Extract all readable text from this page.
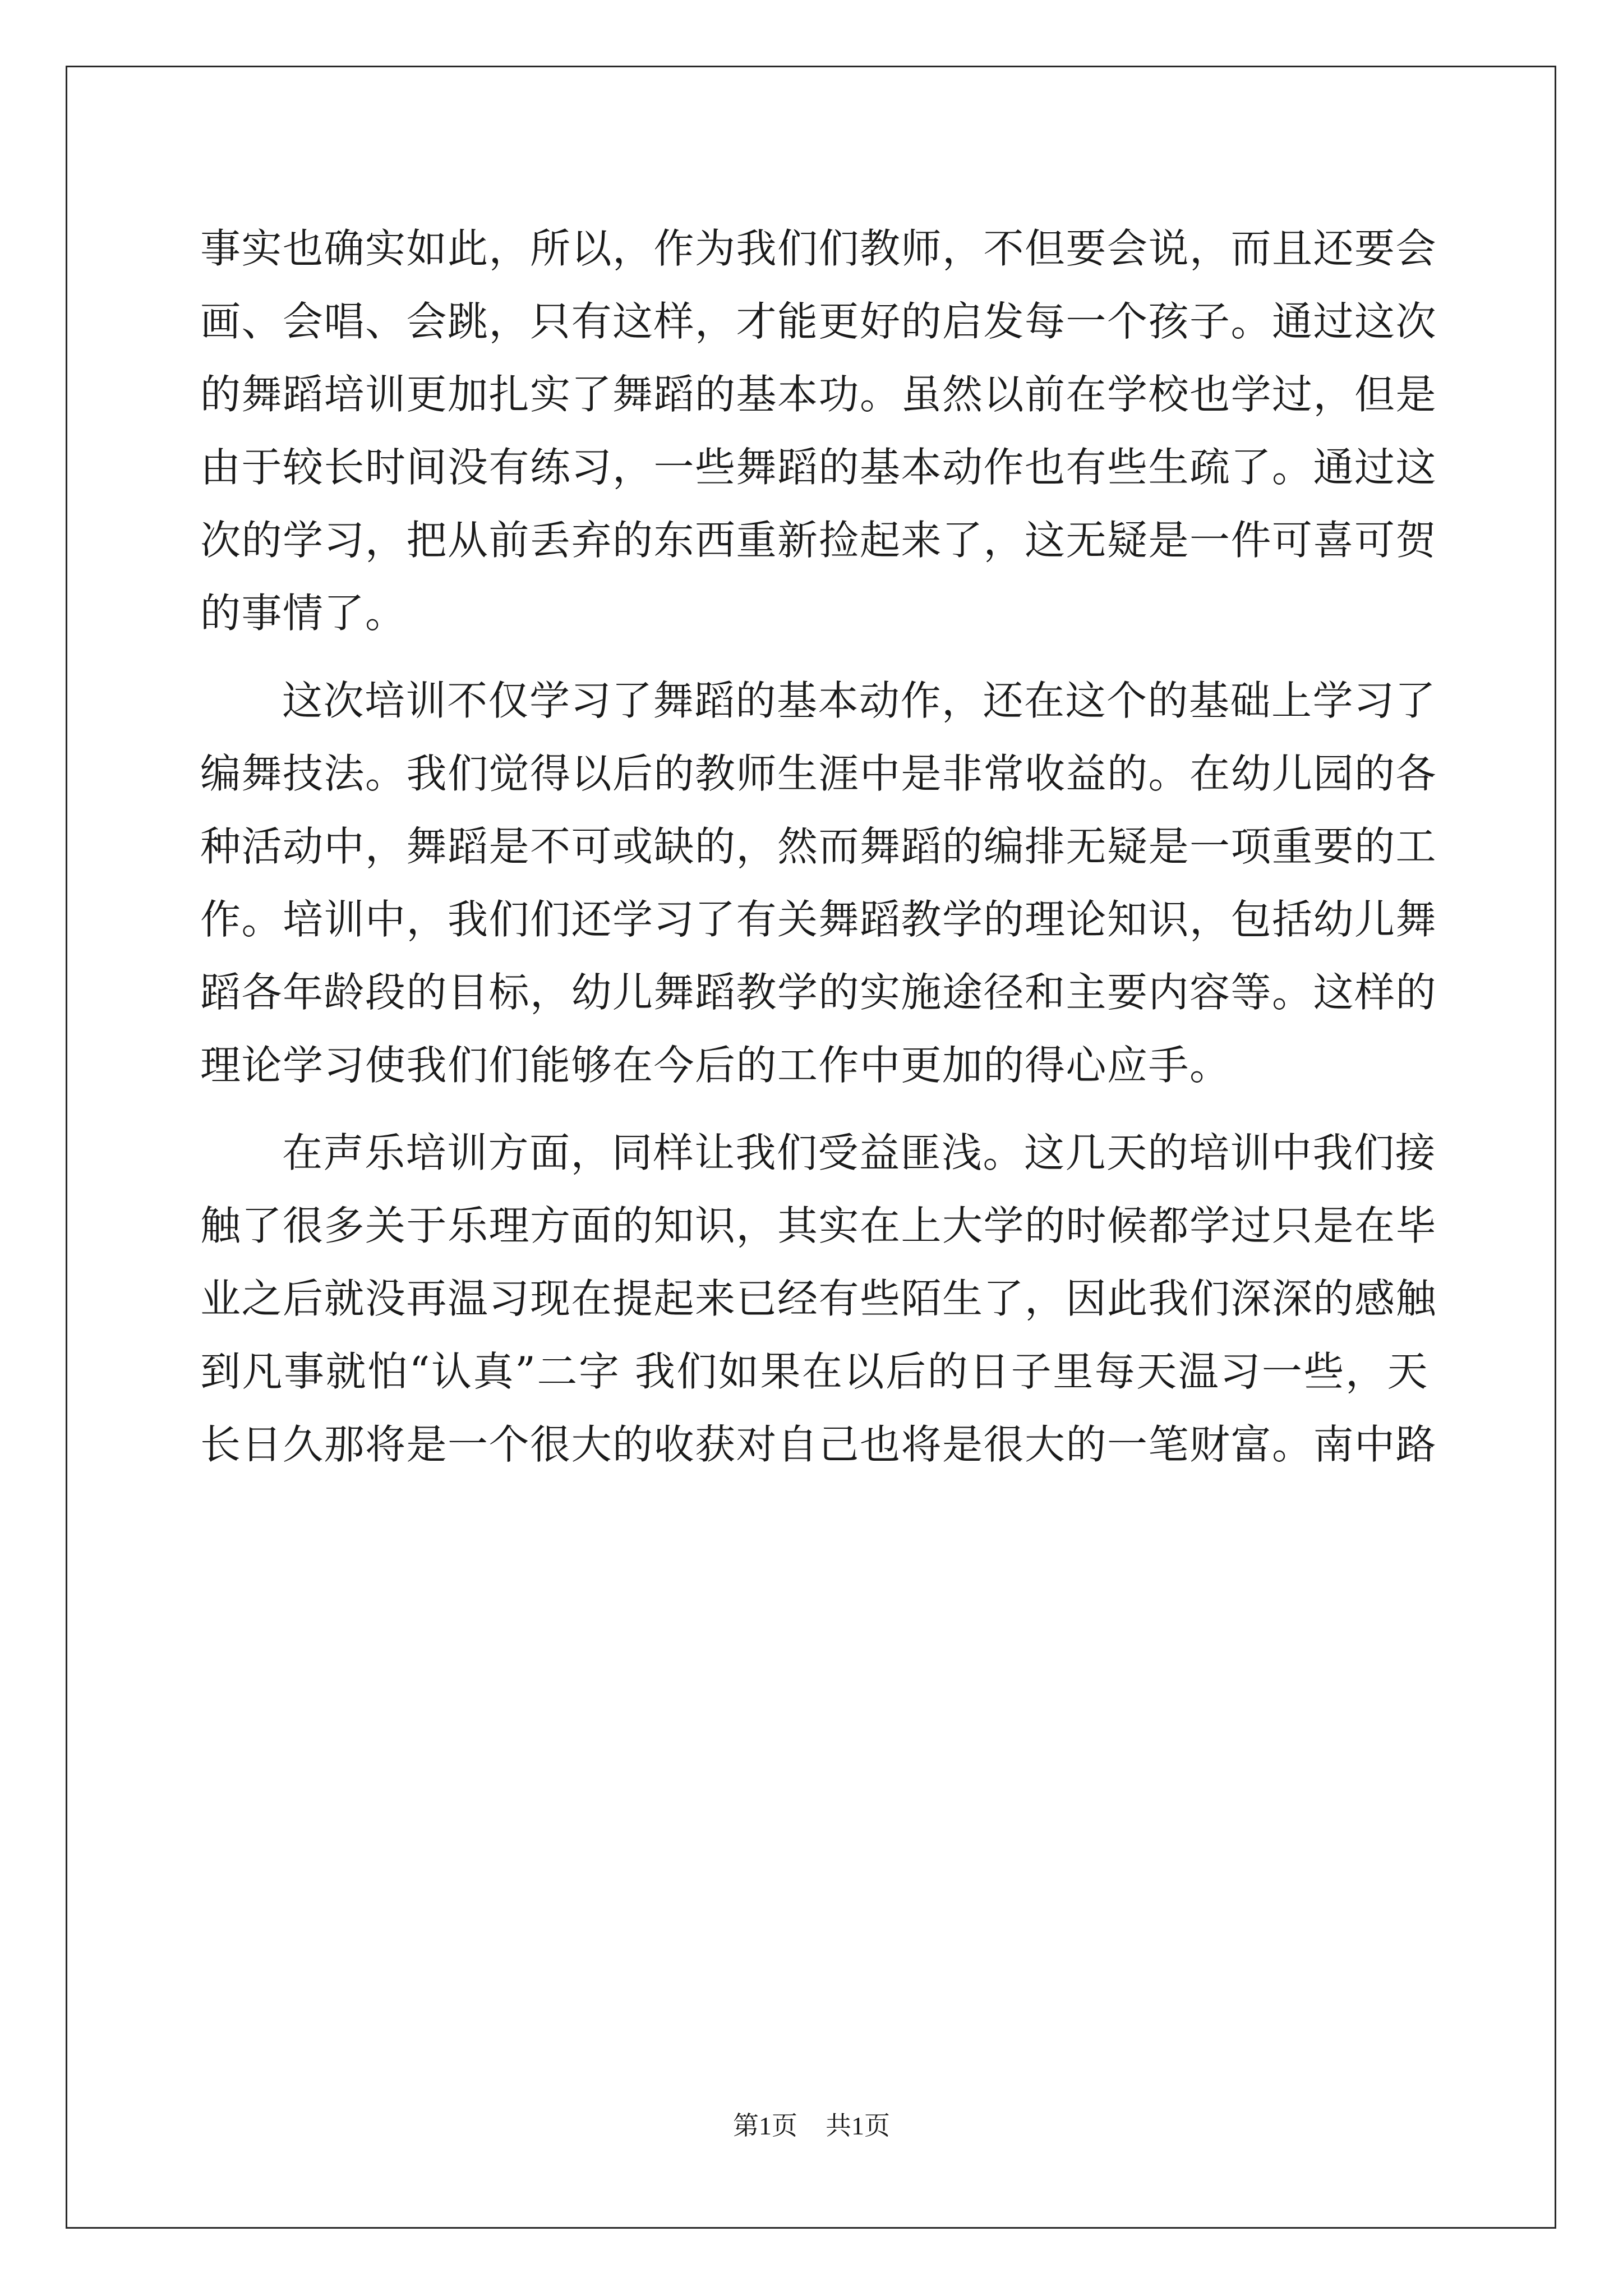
事实也确实如此，所以，作为我们们教师，不但要会说，而且还要会

画、会唱、会跳，只有这样，才能更好的启发每一个孩子。通过这次

的舞蹈培训更加扎实了舞蹈的基本功。虽然以前在学校也学过，但是

由于较长时间没有练习，一些舞蹈的基本动作也有些生疏了。通过这

次的学习，把从前丢弃的东西重新捡起来了，这无疑是一件可喜可贺

的事情了。

这次培训不仅学习了舞蹈的基本动作，还在这个的基础上学习了

编舞技法。我们觉得以后的教师生涯中是非常收益的。在幼儿园的各

种活动中，舞蹈是不可或缺的，然而舞蹈的编排无疑是一项重要的工

作。培训中，我们们还学习了有关舞蹈教学的理论知识，包括幼儿舞

蹈各年龄段的目标，幼儿舞蹈教学的实施途径和主要内容等。这样的

理论学习使我们们能够在今后的工作中更加的得心应手。

在声乐培训方面，同样让我们受益匪浅。这几天的培训中我们接

触了很多关于乐理方面的知识，其实在上大学的时候都学过只是在毕

业之后就没再温习现在提起来已经有些陌生了，因此我们深深的感触

到凡事就怕“认真”二字 我们如果在以后的日子里每天温习一些，天

长日久那将是一个很大的收获对自己也将是很大的一笔财富。南中路

第1页 共1页
